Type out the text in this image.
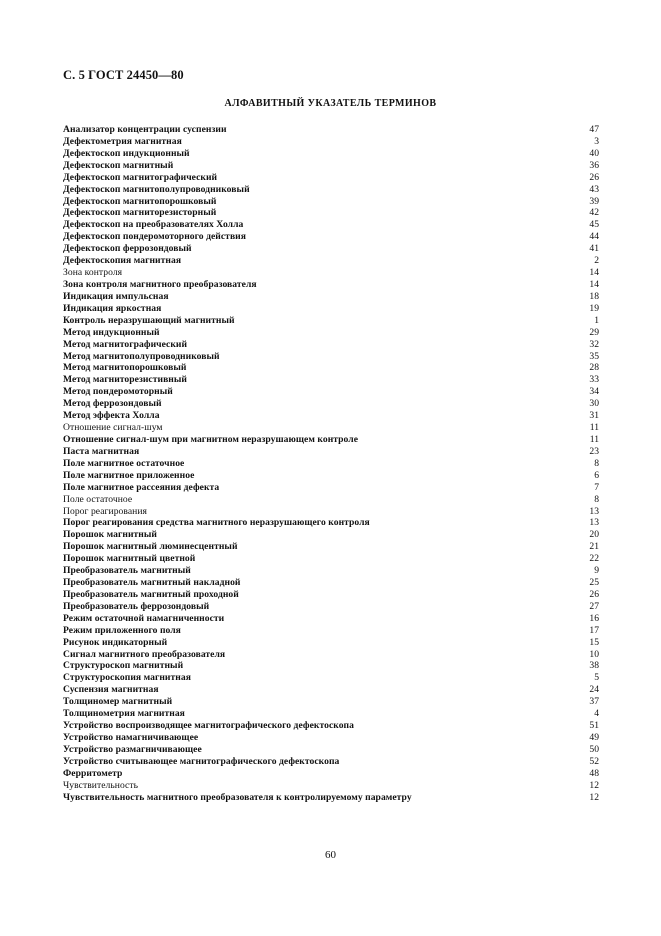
С. 5 ГОСТ 24450—80
АЛФАВИТНЫЙ УКАЗАТЕЛЬ ТЕРМИНОВ
Анализатор концентрации суспензии	47
Дефектометрия магнитная	3
Дефектоскоп индукционный	40
Дефектоскоп магнитный	36
Дефектоскоп магнитографический	26
Дефектоскоп магнитополупроводниковый	43
Дефектоскоп магнитопорошковый	39
Дефектоскоп магниторезисторный	42
Дефектоскоп на преобразователях Холла	45
Дефектоскоп пондеромоторного действия	44
Дефектоскоп феррозондовый	41
Дефектоскопия магнитная	2
Зона контроля	14
Зона контроля магнитного преобразователя	14
Индикация импульсная	18
Индикация яркостная	19
Контроль неразрушающий магнитный	1
Метод индукционный	29
Метод магнитографический	32
Метод магнитополупроводниковый	35
Метод магнитопорошковый	28
Метод магниторезистивный	33
Метод пондеромоторный	34
Метод феррозондовый	30
Метод эффекта Холла	31
Отношение сигнал-шум	11
Отношение сигнал-шум при магнитном неразрушающем контроле	11
Паста магнитная	23
Поле магнитное остаточное	8
Поле магнитное приложенное	6
Поле магнитное рассеяния дефекта	7
Поле остаточное	8
Порог реагирования	13
Порог реагирования средства магнитного неразрушающего контроля	13
Порошок магнитный	20
Порошок магнитный люминесцентный	21
Порошок магнитный цветной	22
Преобразователь магнитный	9
Преобразователь магнитный накладной	25
Преобразователь магнитный проходной	26
Преобразователь феррозондовый	27
Режим остаточной намагниченности	16
Режим приложенного поля	17
Рисунок индикаторный	15
Сигнал магнитного преобразователя	10
Структуроскоп магнитный	38
Структуроскопия магнитная	5
Суспензия магнитная	24
Толщиномер магнитный	37
Толщинометрия магнитная	4
Устройство воспроизводящее магнитографического дефектоскопа	51
Устройство намагничивающее	49
Устройство размагничивающее	50
Устройство считывающее магнитографического дефектоскопа	52
Ферритометр	48
Чувствительность	12
Чувствительность магнитного преобразователя к контролируемому параметру	12
60
